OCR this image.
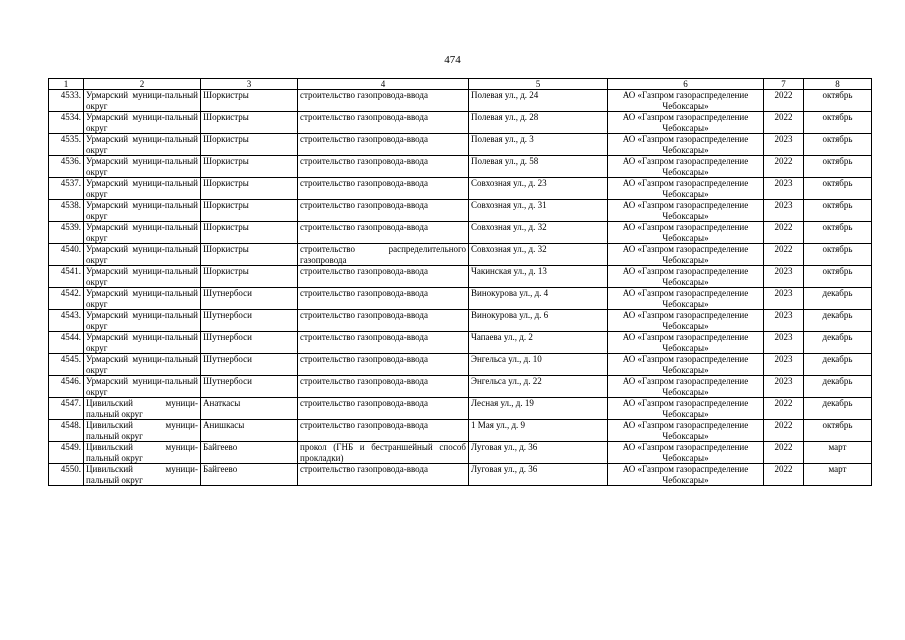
474
1	2	3	4	5	6	7	8
4533.	Урмарский муници-пальный округ	Шоркистры	строительство газопровода-ввода	Полевая ул., д. 24	АО «Газпром газораспределение Чебоксары»	2022	октябрь
4534.	Урмарский муници-пальный округ	Шоркистры	строительство газопровода-ввода	Полевая ул., д. 28	АО «Газпром газораспределение Чебоксары»	2022	октябрь
4535.	Урмарский муници-пальный округ	Шоркистры	строительство газопровода-ввода	Полевая ул., д. 3	АО «Газпром газораспределение Чебоксары»	2023	октябрь
4536.	Урмарский муници-пальный округ	Шоркистры	строительство газопровода-ввода	Полевая ул., д. 58	АО «Газпром газораспределение Чебоксары»	2022	октябрь
4537.	Урмарский муници-пальный округ	Шоркистры	строительство газопровода-ввода	Совхозная ул., д. 23	АО «Газпром газораспределение Чебоксары»	2023	октябрь
4538.	Урмарский муници-пальный округ	Шоркистры	строительство газопровода-ввода	Совхозная ул., д. 31	АО «Газпром газораспределение Чебоксары»	2023	октябрь
4539.	Урмарский муници-пальный округ	Шоркистры	строительство газопровода-ввода	Совхозная ул., д. 32	АО «Газпром газораспределение Чебоксары»	2022	октябрь
4540.	Урмарский муници-пальный округ	Шоркистры	строительство распределительного газопровода	Совхозная ул., д. 32	АО «Газпром газораспределение Чебоксары»	2022	октябрь
4541.	Урмарский муници-пальный округ	Шоркистры	строительство газопровода-ввода	Чакинская ул., д. 13	АО «Газпром газораспределение Чебоксары»	2023	октябрь
4542.	Урмарский муници-пальный округ	Шутнербоси	строительство газопровода-ввода	Винокурова ул., д. 4	АО «Газпром газораспределение Чебоксары»	2023	декабрь
4543.	Урмарский муници-пальный округ	Шутнербоси	строительство газопровода-ввода	Винокурова ул., д. 6	АО «Газпром газораспределение Чебоксары»	2023	декабрь
4544.	Урмарский муници-пальный округ	Шутнербоси	строительство газопровода-ввода	Чапаева ул., д. 2	АО «Газпром газораспределение Чебоксары»	2023	декабрь
4545.	Урмарский муници-пальный округ	Шутнербоси	строительство газопровода-ввода	Энгельса ул., д. 10	АО «Газпром газораспределение Чебоксары»	2023	декабрь
4546.	Урмарский муници-пальный округ	Шутнербоси	строительство газопровода-ввода	Энгельса ул., д. 22	АО «Газпром газораспределение Чебоксары»	2023	декабрь
4547.	Цивильский муници-пальный округ	Анаткасы	строительство газопровода-ввода	Лесная ул., д. 19	АО «Газпром газораспределение Чебоксары»	2022	декабрь
4548.	Цивильский муници-пальный округ	Анишкасы	строительство газопровода-ввода	1 Мая ул., д. 9	АО «Газпром газораспределение Чебоксары»	2022	октябрь
4549.	Цивильский муници-пальный округ	Байгеево	прокол (ГНБ и бестраншейный способ прокладки)	Луговая ул., д. 36	АО «Газпром газораспределение Чебоксары»	2022	март
4550.	Цивильский муници-пальный округ	Байгеево	строительство газопровода-ввода	Луговая ул., д. 36	АО «Газпром газораспределение Чебоксары»	2022	март
